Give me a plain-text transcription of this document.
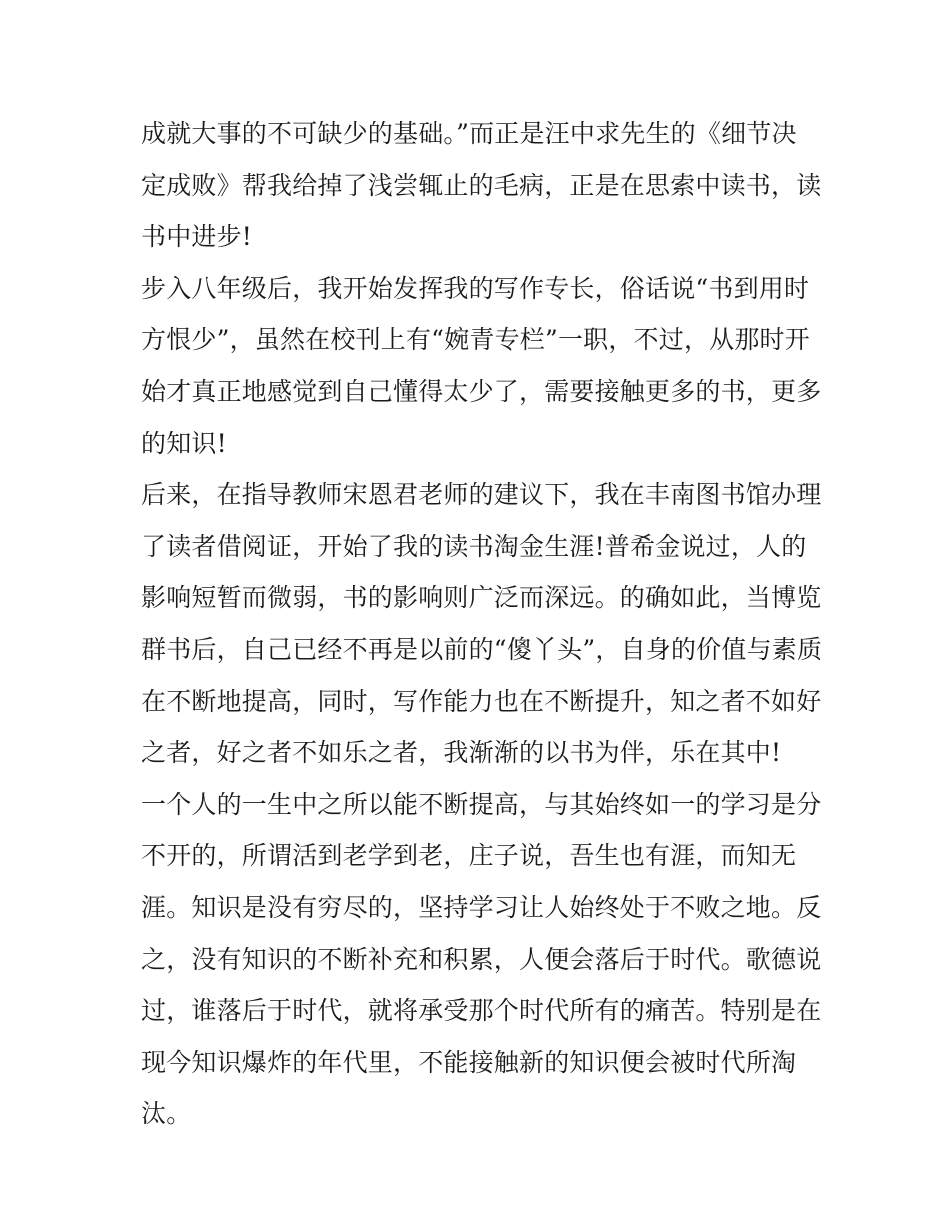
成就大事的不可缺少的基础。”而正是汪中求先生的《细节决
定成败》帮我给掉了浅尝辄止的毛病，正是在思索中读书，读
书中进步!
步入八年级后，我开始发挥我的写作专长，俗话说“书到用时
方恨少”，虽然在校刊上有“婉青专栏”一职，不过，从那时开
始才真正地感觉到自己懂得太少了，需要接触更多的书，更多
的知识!
后来，在指导教师宋恩君老师的建议下，我在丰南图书馆办理
了读者借阅证，开始了我的读书淘金生涯!普希金说过，人的
影响短暂而微弱，书的影响则广泛而深远。的确如此，当博览
群书后，自己已经不再是以前的“傻丫头”，自身的价值与素质
在不断地提高，同时，写作能力也在不断提升，知之者不如好
之者，好之者不如乐之者，我渐渐的以书为伴，乐在其中!
一个人的一生中之所以能不断提高，与其始终如一的学习是分
不开的，所谓活到老学到老，庄子说，吾生也有涯，而知无
涯。知识是没有穷尽的，坚持学习让人始终处于不败之地。反
之，没有知识的不断补充和积累，人便会落后于时代。歌德说
过，谁落后于时代，就将承受那个时代所有的痛苦。特别是在
现今知识爆炸的年代里，不能接触新的知识便会被时代所淘
汰。
